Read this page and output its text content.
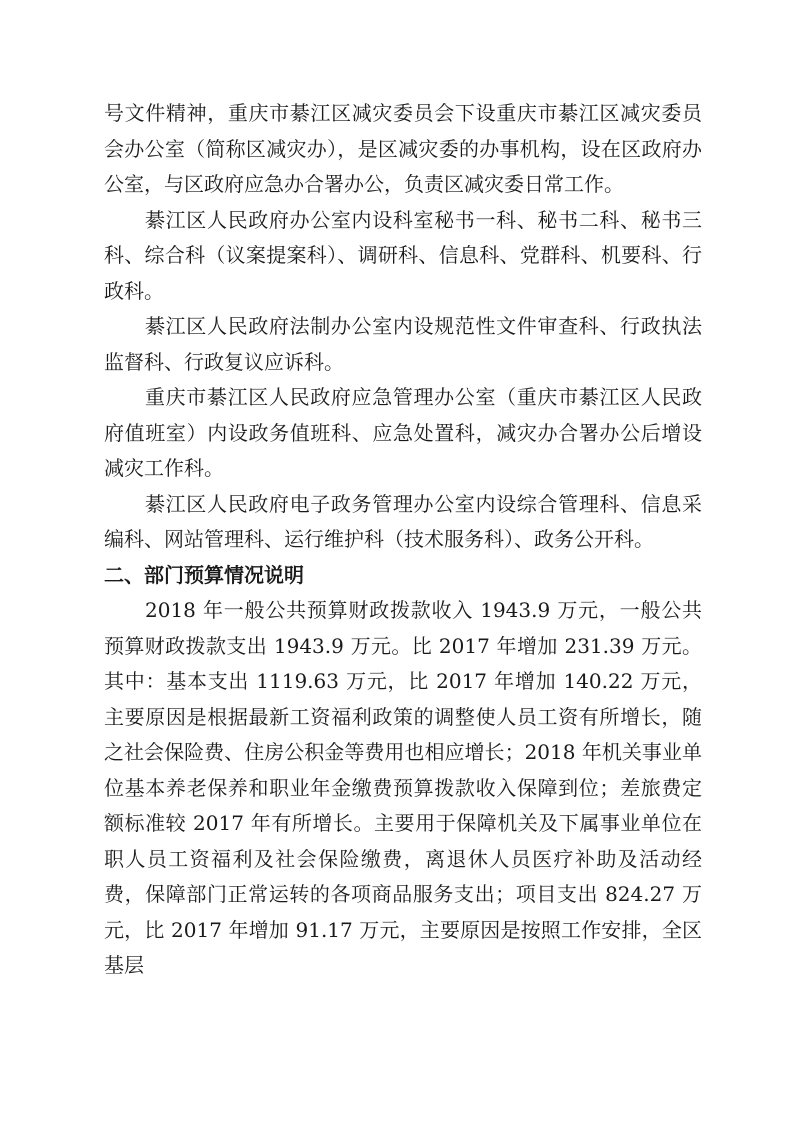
号文件精神，重庆市綦江区减灾委员会下设重庆市綦江区减灾委员会办公室（简称区减灾办），是区减灾委的办事机构，设在区政府办公室，与区政府应急办合署办公，负责区减灾委日常工作。

綦江区人民政府办公室内设科室秘书一科、秘书二科、秘书三科、综合科（议案提案科）、调研科、信息科、党群科、机要科、行政科。

綦江区人民政府法制办公室内设规范性文件审查科、行政执法监督科、行政复议应诉科。

重庆市綦江区人民政府应急管理办公室（重庆市綦江区人民政府值班室）内设政务值班科、应急处置科，减灾办合署办公后增设减灾工作科。

綦江区人民政府电子政务管理办公室内设综合管理科、信息采编科、网站管理科、运行维护科（技术服务科）、政务公开科。

二、部门预算情况说明

2018 年一般公共预算财政拨款收入 1943.9 万元，一般公共预算财政拨款支出 1943.9 万元。比 2017 年增加 231.39 万元。其中：基本支出 1119.63 万元，比 2017 年增加 140.22 万元，主要原因是根据最新工资福利政策的调整使人员工资有所增长，随之社会保险费、住房公积金等费用也相应增长；2018 年机关事业单位基本养老保养和职业年金缴费预算拨款收入保障到位；差旅费定额标准较 2017 年有所增长。主要用于保障机关及下属事业单位在职人员工资福利及社会保险缴费，离退休人员医疗补助及活动经费，保障部门正常运转的各项商品服务支出；项目支出 824.27 万元，比 2017 年增加 91.17 万元，主要原因是按照工作安排，全区基层
